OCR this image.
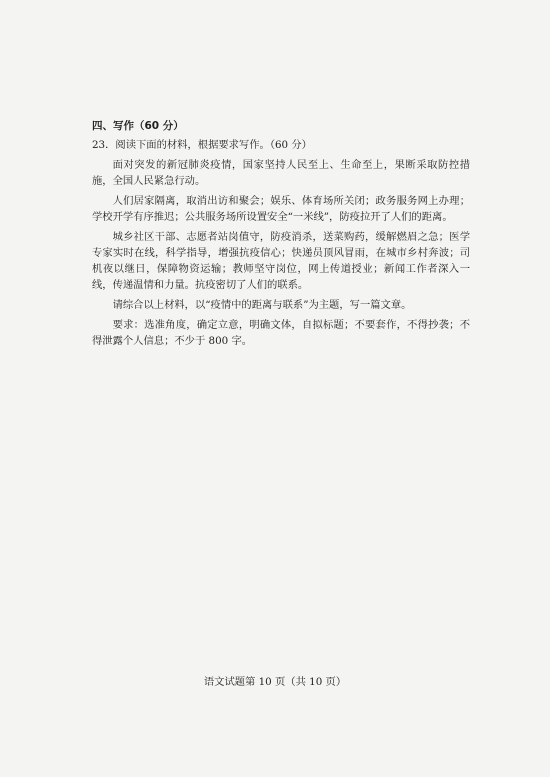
四、写作（60 分）
23．阅读下面的材料，根据要求写作。（60 分）

面对突发的新冠肺炎疫情，国家坚持人民至上、生命至上，果断采取防控措施，全国人民紧急行动。

人们居家隔离，取消出访和聚会；娱乐、体育场所关闭；政务服务网上办理；学校开学有序推迟；公共服务场所设置安全“一米线”，防疫拉开了人们的距离。

城乡社区干部、志愿者站岗值守，防疫消杀，送菜购药，缓解燃眉之急；医学专家实时在线，科学指导，增强抗疫信心；快递员顶风冒雨，在城市乡村奔波；司机夜以继日，保障物资运输；教师坚守岗位，网上传道授业；新闻工作者深入一线，传递温情和力量。抗疫密切了人们的联系。

请综合以上材料，以“疫情中的距离与联系”为主题，写一篇文章。

要求：选准角度，确定立意，明确文体，自拟标题；不要套作，不得抄袭；不得泄露个人信息；不少于 800 字。

语文试题第 10 页（共 10 页）
